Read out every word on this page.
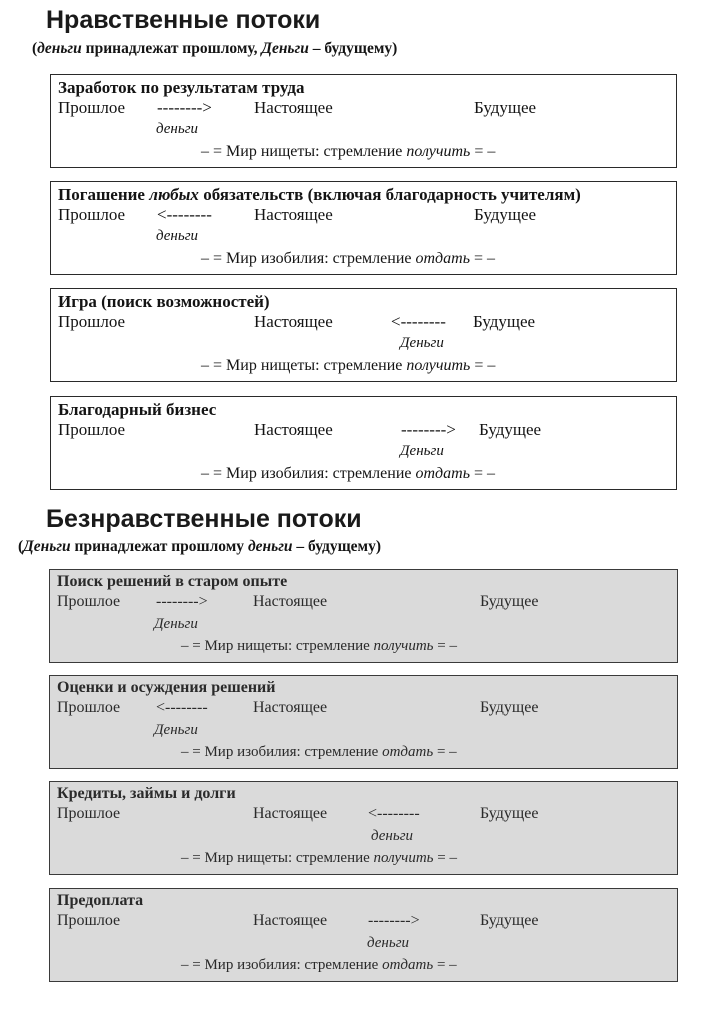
Нравственные потоки

(деньги принадлежат прошлому, Деньги – будущему)

Заработок по результатам труда
Прошлое --------> Настоящее	Будущее
деньги
– = Мир нищеты: стремление получить = –
Погашение любых обязательств (включая благодарность учителям)
Прошлое <-------- Настоящее	Будущее
деньги
– = Мир изобилия: стремление отдать = –
Игра (поиск возможностей)
Прошлое	Настоящее	<-------- Будущее
Деньги
– = Мир нищеты: стремление получить = –
Благодарный бизнес
Прошлое	Настоящее	--------> Будущее
Деньги
– = Мир изобилия: стремление отдать = –
Безнравственные потоки

(Деньги принадлежат прошлому деньги – будущему)

Поиск решений в старом опыте
Прошлое -------->	Настоящее	Будущее
Деньги
– = Мир нищеты: стремление получить = –
Оценки и осуждения решений
Прошлое <--------	Настоящее	Будущее
Деньги
– = Мир изобилия: стремление отдать = –
Кредиты, займы и долги
Прошлое	Настоящее	<--------	Будущее
деньги
– = Мир нищеты: стремление получить = –
Предоплата
Прошлое	Настоящее	-------->	Будущее
деньги
– = Мир изобилия: стремление отдать = –
